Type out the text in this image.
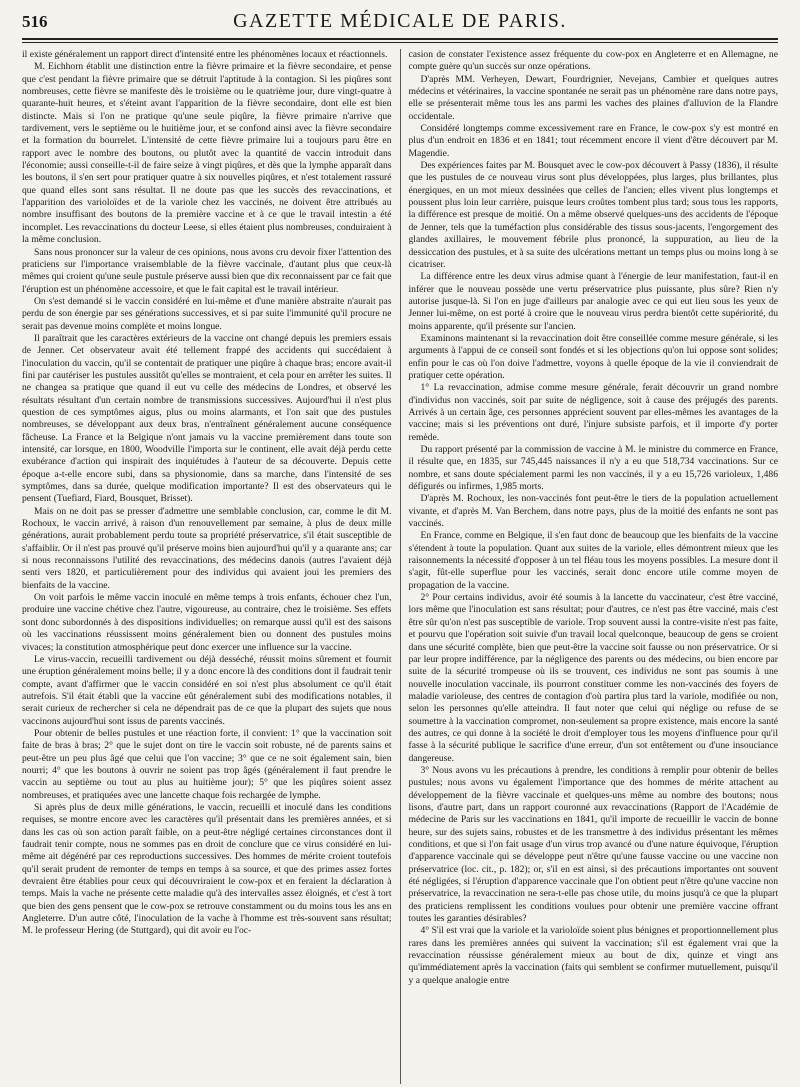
516	GAZETTE MÉDICALE DE PARIS.

il existe généralement un rapport direct d'intensité entre les phénomènes locaux et réactionnels.

M. Eichhorn établit une distinction entre la fièvre primaire et la fièvre secondaire, et pense que c'est pendant la fièvre primaire que se détruit l'aptitude à la contagion. Si les piqûres sont nombreuses, cette fièvre se manifeste dès le troisième ou le quatrième jour, dure vingt-quatre à quarante-huit heures, et s'éteint avant l'apparition de la fièvre secondaire, dont elle est bien distincte. Mais si l'on ne pratique qu'une seule piqûre, la fièvre primaire n'arrive que tardivement, vers le septième ou le huitième jour, et se confond ainsi avec la fièvre secondaire et la formation du bourrelet. L'intensité de cette fièvre primaire lui a toujours paru être en rapport avec le nombre des boutons, ou plutôt avec la quantité de vaccin introduit dans l'économie; aussi conseille-t-il de faire seize à vingt piqûres, et dès que la lymphe apparaît dans les boutons, il s'en sert pour pratiquer quatre à six nouvelles piqûres, et n'est totalement rassuré que quand elles sont sans résultat. Il ne doute pas que les succès des revaccinations, et l'apparition des varioloïdes et de la variole chez les vaccinés, ne doivent être attribués au nombre insuffisant des boutons de la première vaccine et à ce que le travail intestin a été incomplet. Les revaccinations du docteur Leese, si elles étaient plus nombreuses, conduiraient à la même conclusion.

Sans nous prononcer sur la valeur de ces opinions, nous avons cru devoir fixer l'attention des praticiens sur l'importance vraisemblable de la fièvre vaccinale, d'autant plus que ceux-là mêmes qui croient qu'une seule pustule préserve aussi bien que dix reconnaissent par ce fait que l'éruption est un phénomène accessoire, et que le fait capital est le travail intérieur.

On s'est demandé si le vaccin considéré en lui-même et d'une manière abstraite n'aurait pas perdu de son énergie par ses générations successives, et si par suite l'immunité qu'il procure ne serait pas devenue moins complète et moins longue.

Il paraîtrait que les caractères extérieurs de la vaccine ont changé depuis les premiers essais de Jenner. Cet observateur avait été tellement frappé des accidents qui succédaient à l'inoculation du vaccin, qu'il se contentait de pratiquer une piqûre à chaque bras; encore avait-il fini par cautériser les pustules aussitôt qu'elles se montraient, et cela pour en arrêter les suites. Il ne changea sa pratique que quand il eut vu celle des médecins de Londres, et observé les résultats résultant d'un certain nombre de transmissions successives. Aujourd'hui il n'est plus question de ces symptômes aigus, plus ou moins alarmants, et l'on sait que des pustules nombreuses, se développant aux deux bras, n'entraînent généralement aucune conséquence fâcheuse. La France et la Belgique n'ont jamais vu la vaccine premièrement dans toute son intensité, car lorsque, en 1800, Woodville l'importa sur le continent, elle avait déjà perdu cette exubérance d'action qui inspirait des inquiétudes à l'auteur de sa découverte. Depuis cette époque a-t-elle encore subi, dans sa physionomie, dans sa marche, dans l'intensité de ses symptômes, dans sa durée, quelque modification importante? Il est des observateurs qui le pensent (Tuefiard, Fiard, Bousquet, Brisset).

Mais on ne doit pas se presser d'admettre une semblable conclusion, car, comme le dit M. Rochoux, le vaccin arrivé, à raison d'un renouvellement par semaine, à plus de deux mille générations, aurait probablement perdu toute sa propriété préservatrice, s'il était susceptible de s'affaiblir. Or il n'est pas prouvé qu'il préserve moins bien aujourd'hui qu'il y a quarante ans; car si nous reconnaissons l'utilité des revaccinations, des médecins danois (autres l'avaient déjà senti vers 1820, et particulièrement pour des individus qui avaient joui les premiers des bienfaits de la vaccine.

On voit parfois le même vaccin inoculé en même temps à trois enfants, échouer chez l'un, produire une vaccine chétive chez l'autre, vigoureuse, au contraire, chez le troisième. Ses effets sont donc subordonnés à des dispositions individuelles; on remarque aussi qu'il est des saisons où les vaccinations réussissent moins généralement bien ou donnent des pustules moins vivaces; la constitution atmosphérique peut donc exercer une influence sur la vaccine.

Le virus-vaccin, recueilli tardivement ou déjà desséché, réussit moins sûrement et fournit une éruption généralement moins belle; il y a donc encore là des conditions dont il faudrait tenir compte, avant d'affirmer que le vaccin considéré en soi n'est plus absolument ce qu'il était autrefois. S'il était établi que la vaccine eût généralement subi des modifications notables, il serait curieux de rechercher si cela ne dépendrait pas de ce que la plupart des sujets que nous vaccinons aujourd'hui sont issus de parents vaccinés.

Pour obtenir de belles pustules et une réaction forte, il convient: 1° que la vaccination soit faite de bras à bras; 2° que le sujet dont on tire le vaccin soit robuste, né de parents sains et peut-être un peu plus âgé que celui que l'on vaccine; 3° que ce ne soit également sain, bien nourri; 4° que les boutons à ouvrir ne soient pas trop âgés (généralement il faut prendre le vaccin au septième ou tout au plus au huitième jour); 5° que les piqûres soient assez nombreuses, et pratiquées avec une lancette chaque fois rechargée de lymphe.

Si après plus de deux mille générations, le vaccin, recueilli et inoculé dans les conditions requises, se montre encore avec les caractères qu'il présentait dans les premières années, et si dans les cas où son action paraît faible, on a peut-être négligé certaines circonstances dont il faudrait tenir compte, nous ne sommes pas en droit de conclure que ce virus considéré en lui-même ait dégénéré par ces reproductions successives. Des hommes de mérite croient toutefois qu'il serait prudent de remonter de temps en temps à sa source, et que des primes assez fortes devraient être établies pour ceux qui découvriraient le cow-pox et en feraient la déclaration à temps. Mais la vache ne présente cette maladie qu'à des intervalles assez éloignés, et c'est à tort que bien des gens pensent que le cow-pox se retrouve constamment ou du moins tous les ans en Angleterre. D'un autre côté, l'inoculation de la vache à l'homme est très-souvent sans résultat; M. le professeur Hering (de Stuttgard), qui dit avoir eu l'oc-

casion de constater l'existence assez fréquente du cow-pox en Angleterre et en Allemagne, ne compte guère qu'un succès sur onze opérations.

D'après MM. Verheyen, Dewart, Fourdrignier, Nevejans, Cambier et quelques autres médecins et vétérinaires, la vaccine spontanée ne serait pas un phénomène rare dans notre pays, elle se présenterait même tous les ans parmi les vaches des plaines d'alluvion de la Flandre occidentale.

Considéré longtemps comme excessivement rare en France, le cow-pox s'y est montré en plus d'un endroit en 1836 et en 1841; tout récemment encore il vient d'être découvert par M. Magendie.

Des expériences faites par M. Bousquet avec le cow-pox découvert à Passy (1836), il résulte que les pustules de ce nouveau virus sont plus développées, plus larges, plus brillantes, plus énergiques, en un mot mieux dessinées que celles de l'ancien; elles vivent plus longtemps et poussent plus loin leur carrière, puisque leurs croûtes tombent plus tard; sous tous les rapports, la différence est presque de moitié. On a même observé quelques-uns des accidents de l'époque de Jenner, tels que la tuméfaction plus considérable des tissus sous-jacents, l'engorgement des glandes axillaires, le mouvement fébrile plus prononcé, la suppuration, au lieu de la dessiccation des pustules, et à sa suite des ulcérations mettant un temps plus ou moins long à se cicatriser.

La différence entre les deux virus admise quant à l'énergie de leur manifestation, faut-il en inférer que le nouveau possède une vertu préservatrice plus puissante, plus sûre? Rien n'y autorise jusque-là. Si l'on en juge d'ailleurs par analogie avec ce qui eut lieu sous les yeux de Jenner lui-même, on est porté à croire que le nouveau virus perdra bientôt cette supériorité, du moins apparente, qu'il présente sur l'ancien.

Examinons maintenant si la revaccination doit être conseillée comme mesure générale, si les arguments à l'appui de ce conseil sont fondés et si les objections qu'on lui oppose sont solides; enfin pour le cas où l'on doive l'admettre, voyons à quelle époque de la vie il conviendrait de pratiquer cette opération.

1° La revaccination, admise comme mesure générale, ferait découvrir un grand nombre d'individus non vaccinés, soit par suite de négligence, soit à cause des préjugés des parents. Arrivés à un certain âge, ces personnes apprécient souvent par elles-mêmes les avantages de la vaccine; mais si les préventions ont duré, l'injure subsiste parfois, et il importe d'y porter remède.

Du rapport présenté par la commission de vaccine à M. le ministre du commerce en France, il résulte que, en 1835, sur 745,445 naissances il n'y a eu que 518,734 vaccinations. Sur ce nombre, et sans doute spécialement parmi les non vaccinés, il y a eu 15,726 varioleux, 1,486 défigurés ou infirmes, 1,985 morts.

D'après M. Rochoux, les non-vaccinés font peut-être le tiers de la population actuellement vivante, et d'après M. Van Berchem, dans notre pays, plus de la moitié des enfants ne sont pas vaccinés.

En France, comme en Belgique, il s'en faut donc de beaucoup que les bienfaits de la vaccine s'étendent à toute la population. Quant aux suites de la variole, elles démontrent mieux que les raisonnements la nécessité d'opposer à un tel fléau tous les moyens possibles. La mesure dont il s'agit, fût-elle superflue pour les vaccinés, serait donc encore utile comme moyen de propagation de la vaccine.

2° Pour certains individus, avoir été soumis à la lancette du vaccinateur, c'est être vacciné, lors même que l'inoculation est sans résultat; pour d'autres, ce n'est pas être vacciné, mais c'est être sûr qu'on n'est pas susceptible de variole. Trop souvent aussi la contre-visite n'est pas faite, et pourvu que l'opération soit suivie d'un travail local quelconque, beaucoup de gens se croient dans une sécurité complète, bien que peut-être la vaccine soit fausse ou non préservatrice. Or si par leur propre indifférence, par la négligence des parents ou des médecins, ou bien encore par suite de la sécurité trompeuse où ils se trouvent, ces individus ne sont pas soumis à une nouvelle inoculation vaccinale, ils pourront constituer comme les non-vaccinés des foyers de maladie varioleuse, des centres de contagion d'où partira plus tard la variole, modifiée ou non, selon les personnes qu'elle atteindra. Il faut noter que celui qui néglige ou refuse de se soumettre à la vaccination compromet, non-seulement sa propre existence, mais encore la santé des autres, ce qui donne à la société le droit d'employer tous les moyens d'influence pour qu'il fasse à la sécurité publique le sacrifice d'une erreur, d'un sot entêtement ou d'une insouciance dangereuse.

3° Nous avons vu les précautions à prendre, les conditions à remplir pour obtenir de belles pustules; nous avons vu également l'importance que des hommes de mérite attachent au développement de la fièvre vaccinale et quelques-uns même au nombre des boutons; nous lisons, d'autre part, dans un rapport couronné aux revaccinations (Rapport de l'Académie de médecine de Paris sur les vaccinations en 1841, qu'il importe de recueillir le vaccin de bonne heure, sur des sujets sains, robustes et de les transmettre à des individus présentant les mêmes conditions, et que si l'on fait usage d'un virus trop avancé ou d'une nature équivoque, l'éruption d'apparence vaccinale qui se développe peut n'être qu'une fausse vaccine ou une vaccine non préservatrice (loc. cit., p. 182); or, s'il en est ainsi, si des précautions importantes ont souvent été négligées, si l'éruption d'apparence vaccinale que l'on obtient peut n'être qu'une vaccine non préservatrice, la revaccination ne sera-t-elle pas chose utile, du moins jusqu'à ce que la plupart des praticiens remplissent les conditions voulues pour obtenir une première vaccine offrant toutes les garanties désirables?

4° S'il est vrai que la variole et la varioloïde soient plus bénignes et proportionnellement plus rares dans les premières années qui suivent la vaccination; s'il est également vrai que la revaccination réussisse généralement mieux au bout de dix, quinze et vingt ans qu'immédiatement après la vaccination (faits qui semblent se confirmer mutuellement, puisqu'il y a quelque analogie entre
